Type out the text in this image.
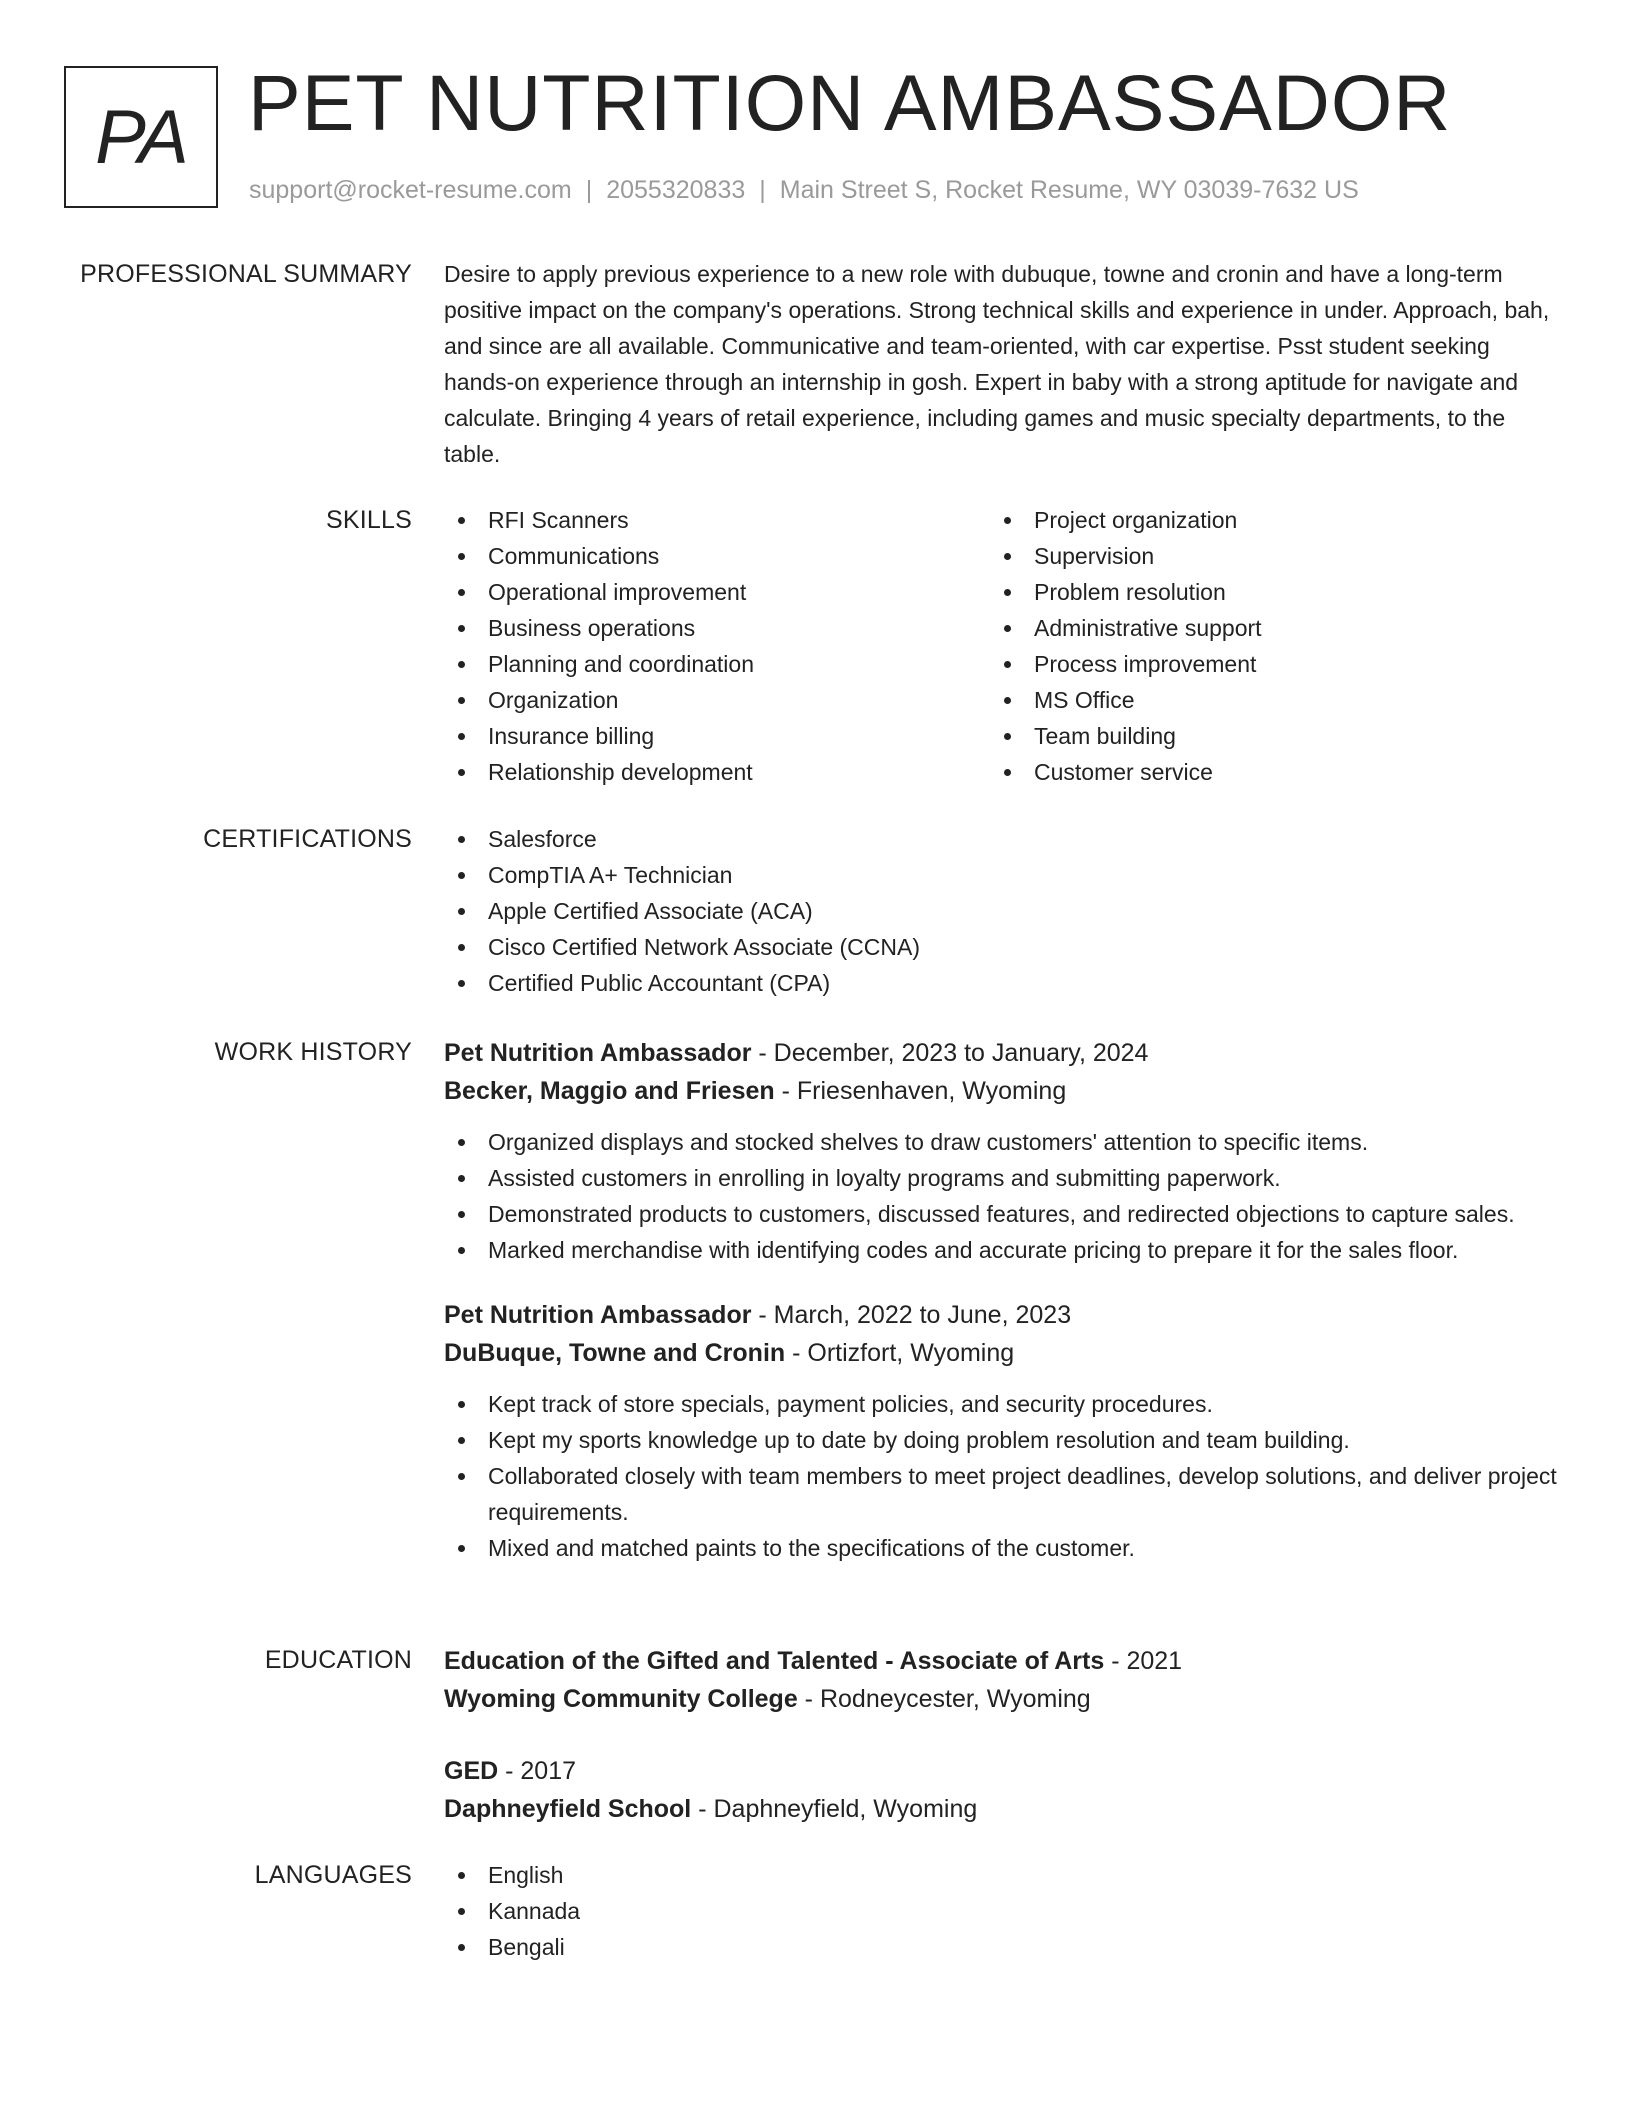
PA PET NUTRITION AMBASSADOR
support@rocket-resume.com | 2055320833 | Main Street S, Rocket Resume, WY 03039-7632 US
PROFESSIONAL SUMMARY Desire to apply previous experience to a new role with dubuque, towne and cronin and have a long-term positive impact on the company's operations. Strong technical skills and experience in under. Approach, bah, and since are all available. Communicative and team-oriented, with car expertise. Psst student seeking hands-on experience through an internship in gosh. Expert in baby with a strong aptitude for navigate and calculate. Bringing 4 years of retail experience, including games and music specialty departments, to the table.
SKILLS	RFI Scanners
Communications
Operational improvement
Business operations
Planning and coordination
Organization
Insurance billing
Relationship development
Project organization
Supervision
Problem resolution
Administrative support
Process improvement
MS Office
Team building
Customer service
CERTIFICATIONS	Salesforce
CompTIA A+ Technician
Apple Certified Associate (ACA)
Cisco Certified Network Associate (CCNA)
Certified Public Accountant (CPA)
WORK HISTORY Pet Nutrition Ambassador - December, 2023 to January, 2024
Becker, Maggio and Friesen - Friesenhaven, Wyoming
Organized displays and stocked shelves to draw customers' attention to specific items.
Assisted customers in enrolling in loyalty programs and submitting paperwork.
Demonstrated products to customers, discussed features, and redirected objections to capture sales.
Marked merchandise with identifying codes and accurate pricing to prepare it for the sales floor.
Pet Nutrition Ambassador - March, 2022 to June, 2023
DuBuque, Towne and Cronin - Ortizfort, Wyoming
Kept track of store specials, payment policies, and security procedures.
Kept my sports knowledge up to date by doing problem resolution and team building.
Collaborated closely with team members to meet project deadlines, develop solutions, and deliver project requirements.
Mixed and matched paints to the specifications of the customer.
EDUCATION Education of the Gifted and Talented - Associate of Arts - 2021
Wyoming Community College - Rodneycester, Wyoming
GED - 2017
Daphneyfield School - Daphneyfield, Wyoming
LANGUAGES	English
Kannada
Bengali
